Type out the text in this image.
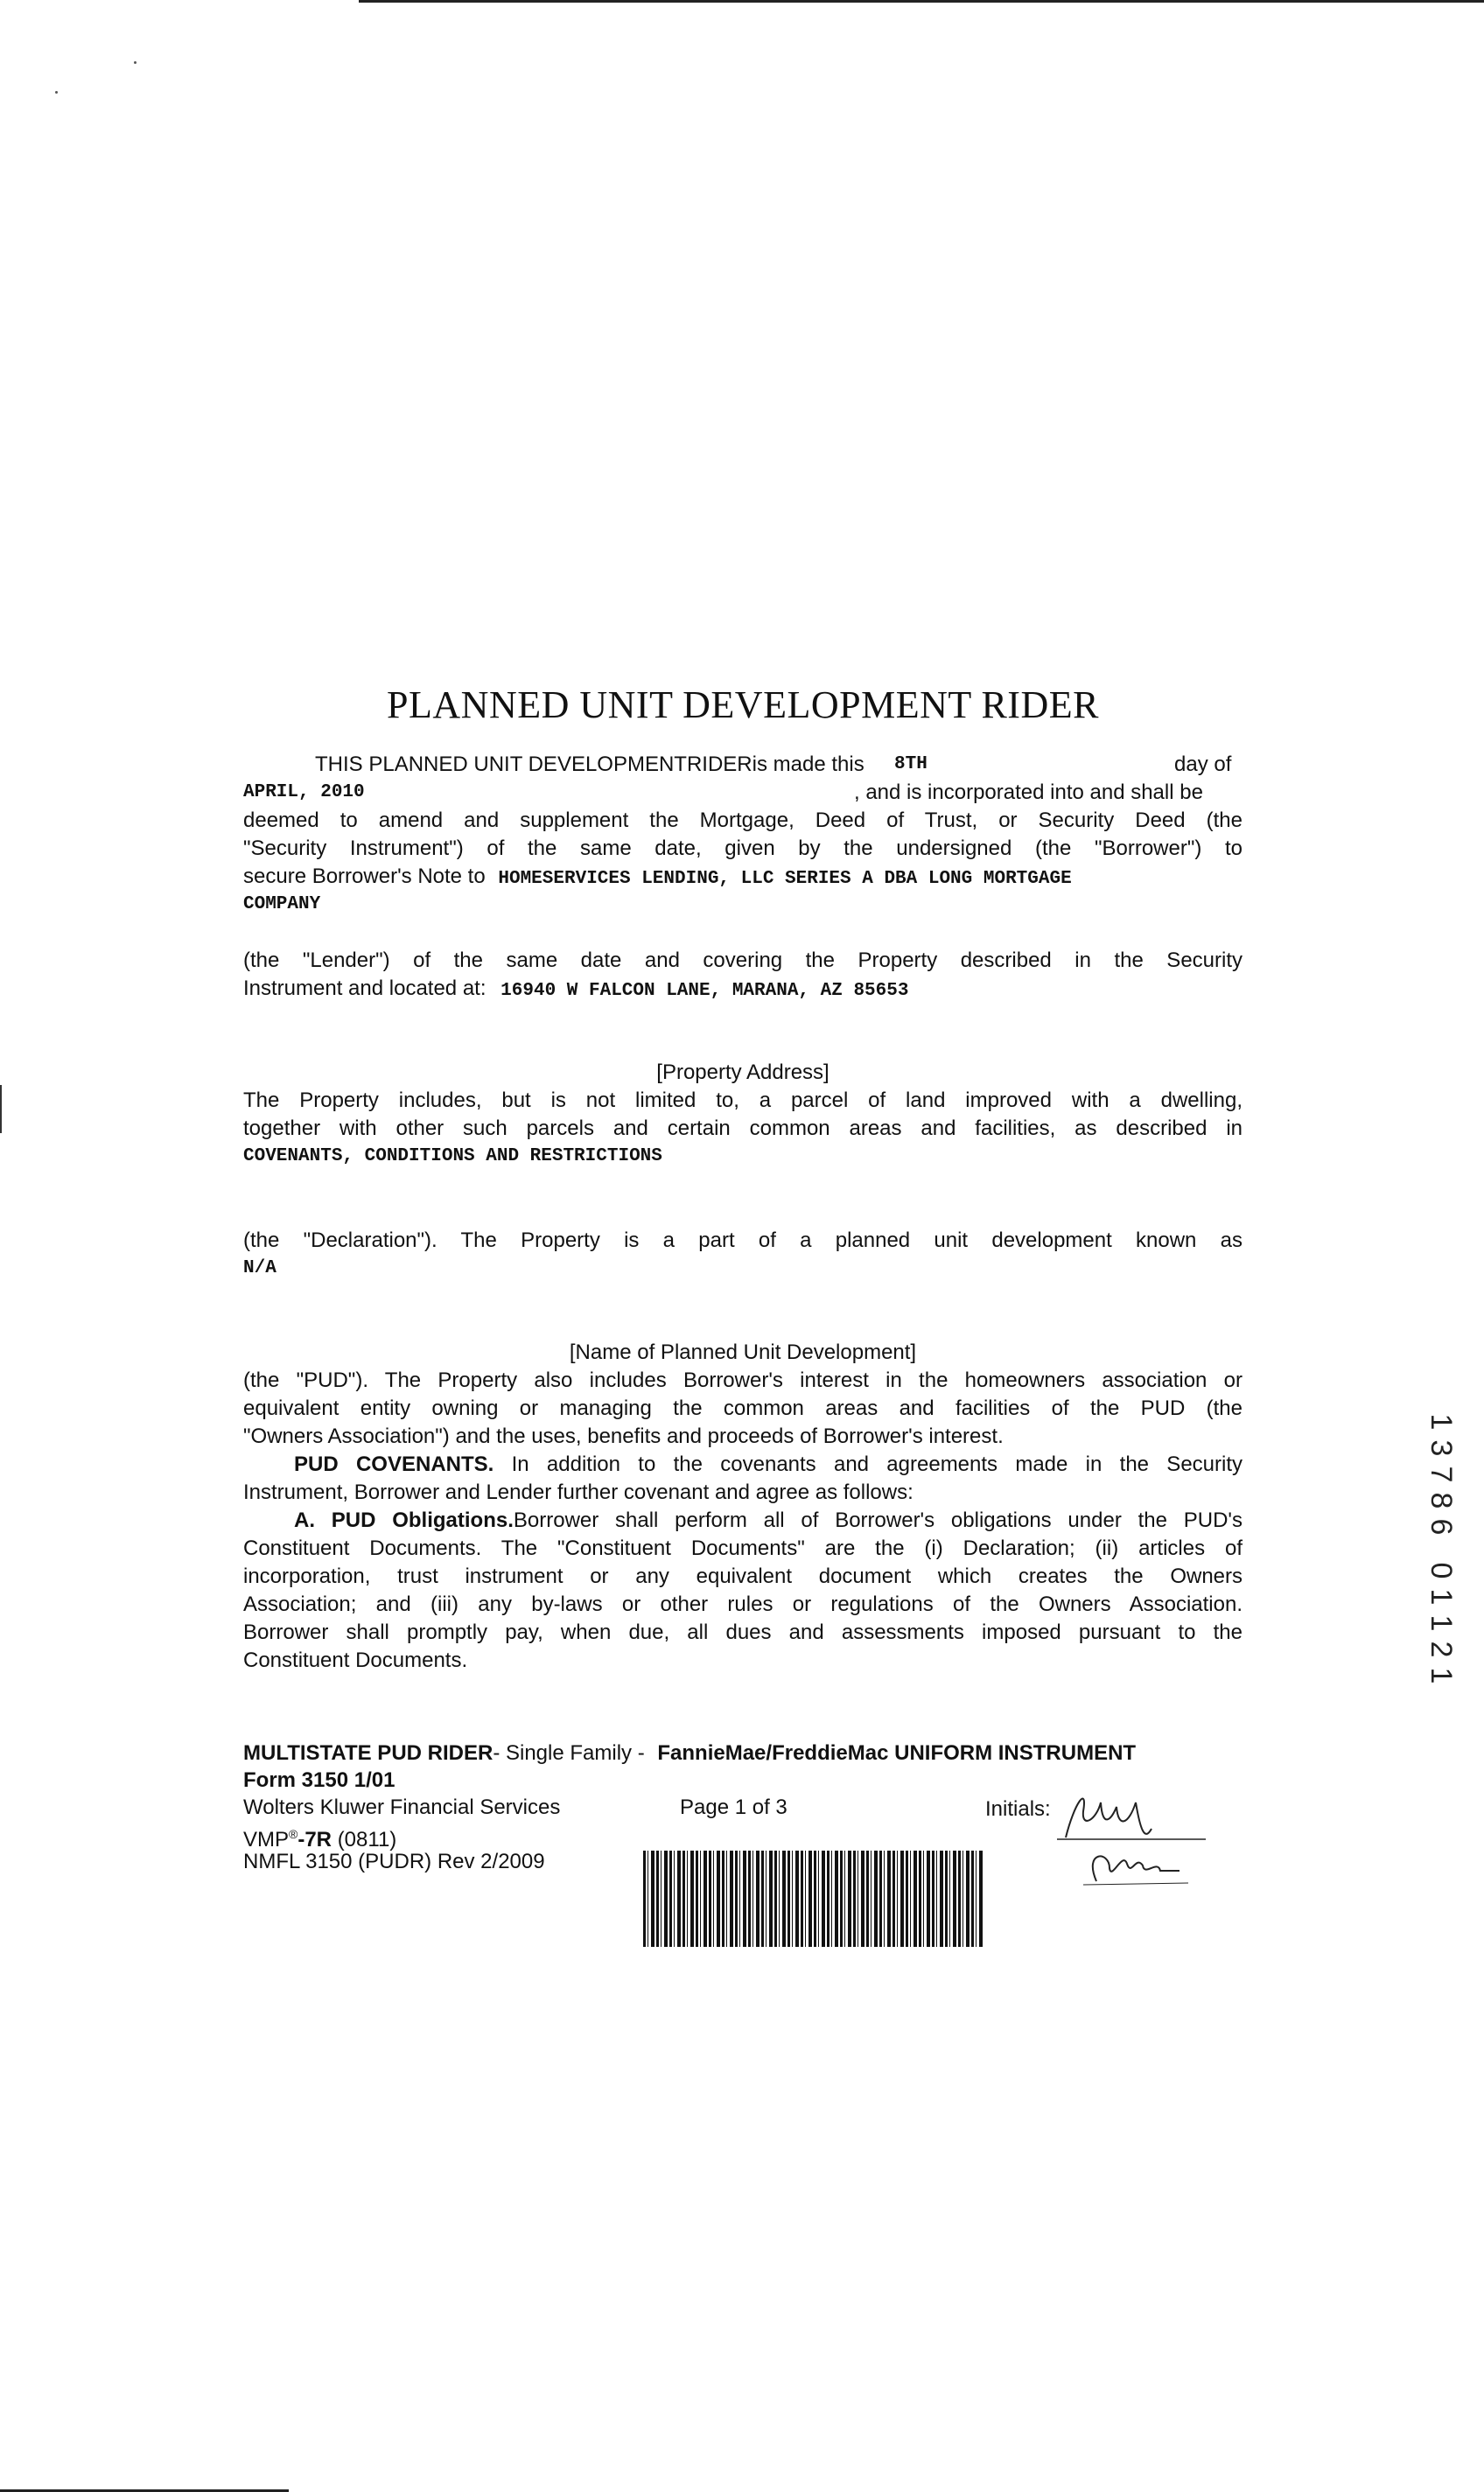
PLANNED UNIT DEVELOPMENT RIDER
THIS PLANNED UNIT DEVELOPMENTRIDERis made this 8TH	day of
APRIL, 2010	, and is incorporated into and shall be
deemed to amend and supplement the Mortgage, Deed of Trust, or Security Deed (the
"Security Instrument") of the same date, given by the undersigned (the "Borrower") to
secure Borrower's Note to HOMESERVICES LENDING, LLC SERIES A DBA LONG MORTGAGE
COMPANY
(the "Lender") of the same date and covering the Property described in the Security
Instrument and located at: 16940 W FALCON LANE, MARANA, AZ 85653
[Property Address]
The Property includes, but is not limited to, a parcel of land improved with a dwelling,
together with other such parcels and certain common areas and facilities, as described in
COVENANTS, CONDITIONS AND RESTRICTIONS
(the "Declaration"). The Property is a part of a planned unit development known as
N/A
[Name of Planned Unit Development]
(the "PUD"). The Property also includes Borrower's interest in the homeowners association or
equivalent entity owning or managing the common areas and facilities of the PUD (the
"Owners Association") and the uses, benefits and proceeds of Borrower's interest.
PUD COVENANTS. In addition to the covenants and agreements made in the Security
Instrument, Borrower and Lender further covenant and agree as follows:
A. PUD Obligations.Borrower shall perform all of Borrower's obligations under the PUD's
Constituent Documents. The "Constituent Documents" are the (i) Declaration; (ii) articles of
incorporation, trust instrument or any equivalent document which creates the Owners
Association; and (iii) any by-laws or other rules or regulations of the Owners Association.
Borrower shall promptly pay, when due, all dues and assessments imposed pursuant to the
Constituent Documents.
MULTISTATE PUD RIDER- Single Family - FannieMae/FreddieMac UNIFORM INSTRUMENT
Form 3150 1/01
Wolters Kluwer Financial Services	Page 1 of 3	Initials:
VMP®-7R (0811)
NMFL 3150 (PUDR) Rev 2/2009
1
3
7
8
6
0
1
1
2
1
